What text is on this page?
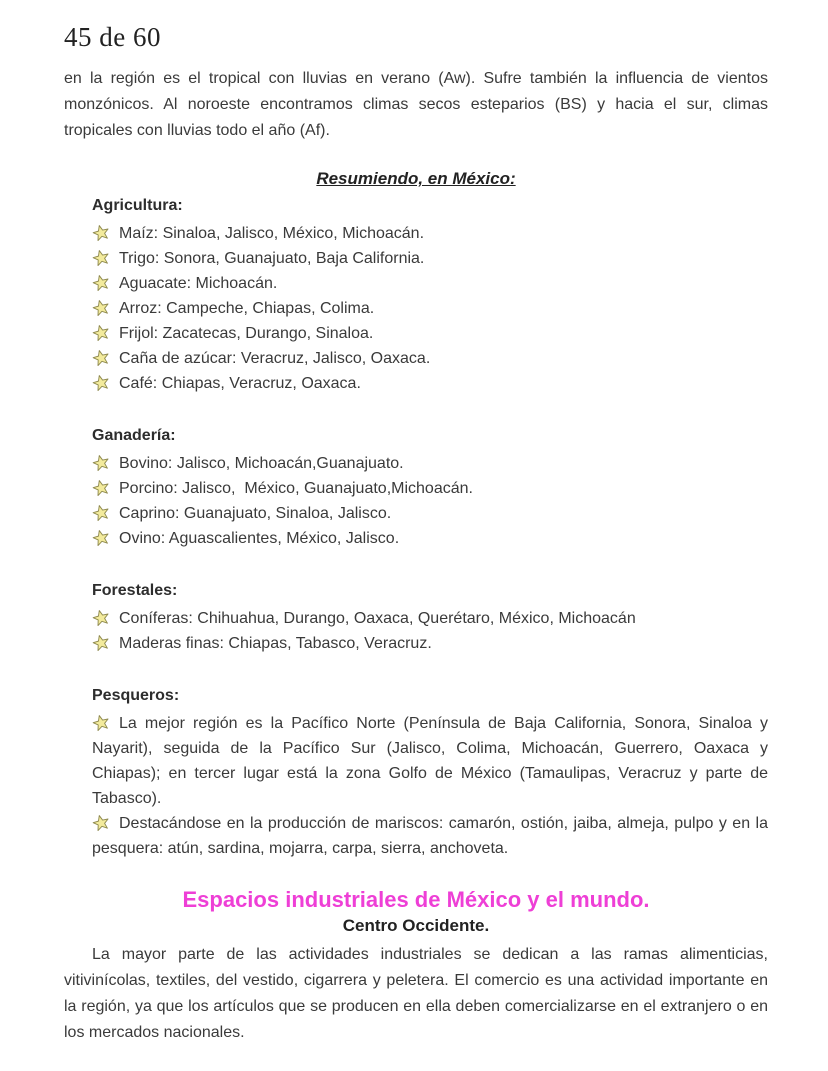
45 de 60

en la región es el tropical con lluvias en verano (Aw). Sufre también la influencia de vientos monzónicos. Al noroeste encontramos climas secos esteparios (BS) y hacia el sur, climas tropicales con lluvias todo el año (Af).

Resumiendo, en México:
Agricultura:

Maíz: Sinaloa, Jalisco, México, Michoacán.

Trigo: Sonora, Guanajuato, Baja California.

Aguacate: Michoacán.

Arroz: Campeche, Chiapas, Colima.

Frijol: Zacatecas, Durango, Sinaloa.

Caña de azúcar: Veracruz, Jalisco, Oaxaca.

Café: Chiapas, Veracruz, Oaxaca.

Ganadería:

Bovino: Jalisco, Michoacán,Guanajuato.

Porcino: Jalisco,  México, Guanajuato,Michoacán.

Caprino: Guanajuato, Sinaloa, Jalisco.

Ovino: Aguascalientes, México, Jalisco.

Forestales:

Coníferas: Chihuahua, Durango, Oaxaca, Querétaro, México, Michoacán

Maderas finas: Chiapas, Tabasco, Veracruz.

Pesqueros:

La mejor región es la Pacífico Norte (Península de Baja California, Sonora, Sinaloa y Nayarit), seguida de la Pacífico Sur (Jalisco, Colima, Michoacán, Guerrero, Oaxaca y Chiapas); en tercer lugar está la zona Golfo de México (Tamaulipas, Veracruz y parte de Tabasco).

Destacándose en la producción de mariscos: camarón, ostión, jaiba, almeja, pulpo y en la pesquera: atún, sardina, mojarra, carpa, sierra, anchoveta.

Espacios industriales de México y el mundo.
Centro Occidente.

La mayor parte de las actividades industriales se dedican a las ramas alimenticias, vitivinícolas, textiles, del vestido, cigarrera y peletera. El comercio es una actividad importante en la región, ya que los artículos que se producen en ella deben comercializarse en el extranjero o en los mercados nacionales.
